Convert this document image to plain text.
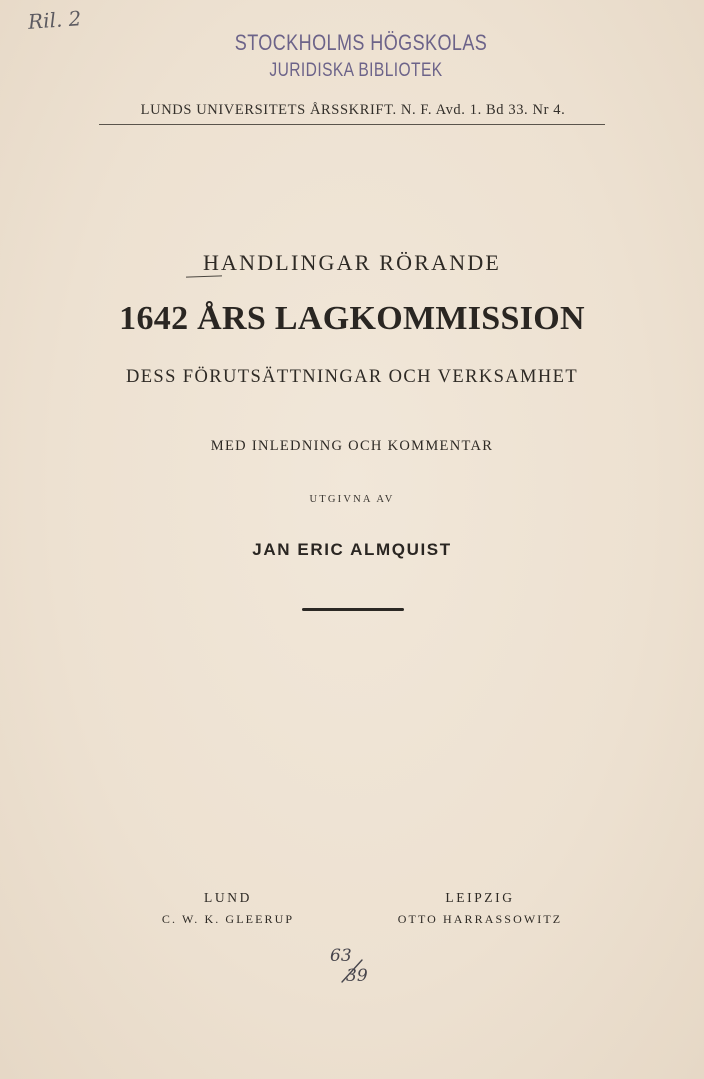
Ril. 2
STOCKHOLMS HÖGSKOLAS
JURIDISKA BIBLIOTEK
LUNDS UNIVERSITETS ÅRSSKRIFT. N. F. Avd. 1. Bd 33. Nr 4.
HANDLINGAR RÖRANDE
1642 ÅRS LAGKOMMISSION
DESS FÖRUTSÄTTNINGAR OCH VERKSAMHET
MED INLEDNING OCH KOMMENTAR
UTGIVNA AV
JAN ERIC ALMQUIST
LUND
C. W. K. GLEERUP
LEIPZIG
OTTO HARRASSOWITZ
63
39
